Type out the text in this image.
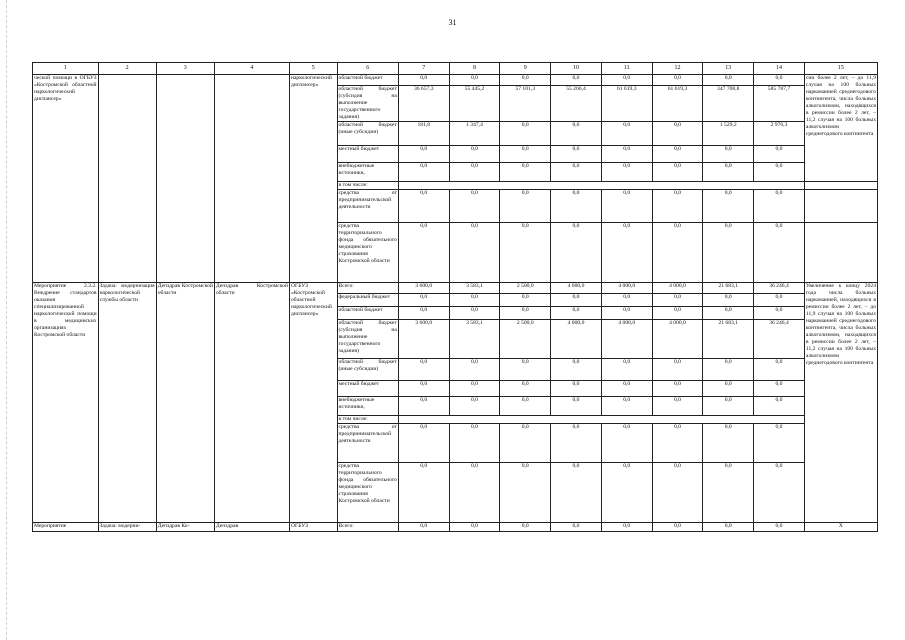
31
1	2	3	4	5	6	7	8	9	10	11	12	13	14	15
ческой помощи в ОГБУЗ «Костромской областной наркологический диспансер»				наркологический диспансер»	областной бюджет	0,0	0,0	0,0	0,0	0,0	0,0	0,0	0,0	сии более 2 лет, – до 11,9 случая на 100 больных наркоманией среднегодового контингента, числа больных алкоголизмом, находящихся в ремиссии более 2 лет, – 11,2 случая на 100 больных алкоголизмом среднегодового контингента
					областной бюджет (субсидия на выполнение государственного задания)	36 657,3	55 445,2	57 101,3	55 266,4	61 619,3	61 619,3	347 708,8	585 787,7	
					областной бюджет (иные субсидии)	181,8	1 347,4	0,0	0,0	0,0	0,0	1 529,2	2 976,3	
					местный бюджет	0,0	0,0	0,0	0,0	0,0	0,0	0,0	0,0	
					внебюджетные источники,	0,0	0,0	0,0	0,0	0,0	0,0	0,0	0,0	
					в том числе:									
					средства от предпринимательской деятельности	0,0	0,0	0,0	0,0	0,0	0,0	0,0	0,0	
					средства территориального фонда обязательного медицинского страхования Костромской области	0,0	0,0	0,0	0,0	0,0	0,0	0,0	0,0	
Мероприятие 2.3.2. Внедрение стандартов оказания специализированной наркологической помощи в медицинских организациях Костромской области	Задача: модернизация наркологической службы области	Депздрав Костромской области	Депздрав Костромской области	ОГБУЗ «Костромской областной наркологический диспансер»	Всего:	3 600,0	3 583,1	2 500,0	4 000,0	4 000,0	4 000,0	21 683,1	36 246,4	Увеличение к концу 2024 года числа больных наркоманией, находящихся в ремиссии более 2 лет, – до 11,9 случая на 100 больных наркоманией среднегодового контингента, числа больных алкоголизмом, находящихся в ремиссии более 2 лет, – 11,2 случая на 100 больных алкоголизмом среднегодового контингента
					федеральный бюджет	0,0	0,0	0,0	0,0	0,0	0,0	0,0	0,0	
					областной бюджет	0,0	0,0	0,0	0,0	0,0	0,0	0,0	0,0	
					областной бюджет (субсидия на выполнение государственного задания)	3 600,0	3 583,1	2 500,0	4 000,0	4 000,0	4 000,0	21 683,1	36 246,4	
					областной бюджет (иные субсидии)	0,0	0,0	0,0	0,0	0,0	0,0	0,0	0,0	
					местный бюджет	0,0	0,0	0,0	0,0	0,0	0,0	0,0	0,0	
					внебюджетные источники,	0,0	0,0	0,0	0,0	0,0	0,0	0,0	0,0	
					в том числе:									
					средства от предпринимательской деятельности	0,0	0,0	0,0	0,0	0,0	0,0	0,0	0,0	
					средства территориального фонда обязательного медицинского страхования Костромской области	0,0	0,0	0,0	0,0	0,0	0,0	0,0	0,0	
Мероприятие	Задача: модерни-	Депздрав Ко-	Депздрав	ОГБУЗ	Всего:	0,0	0,0	0,0	0,0	0,0	0,0	0,0	0,0	X
